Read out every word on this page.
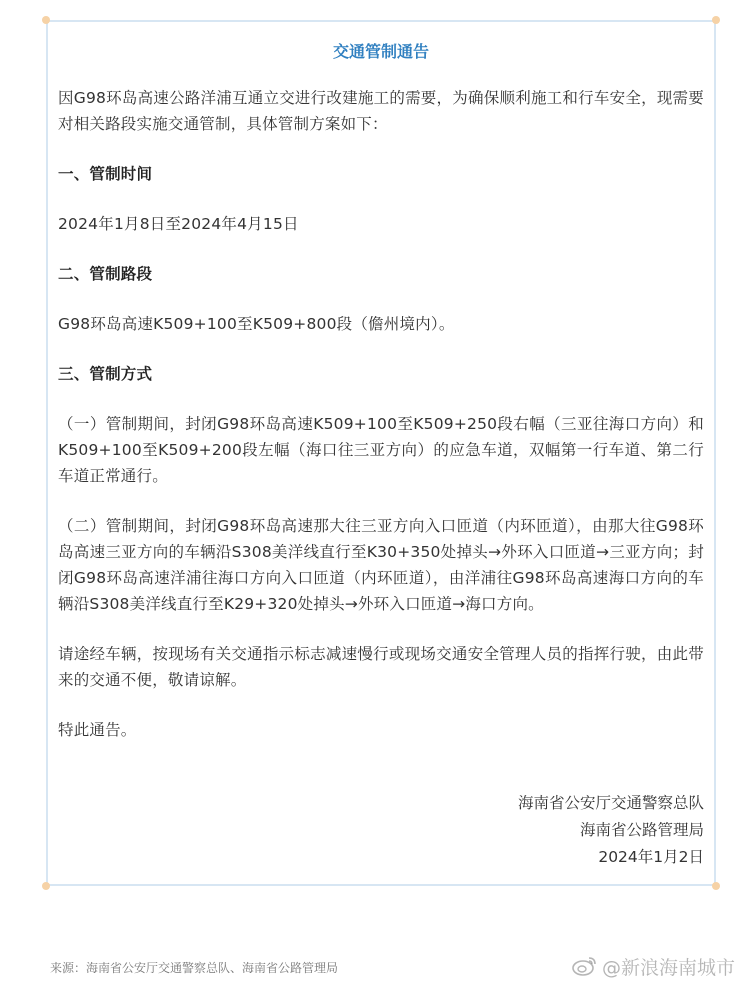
交通管制通告

因G98环岛高速公路洋浦互通立交进行改建施工的需要，为确保顺利施工和行车安全，现需要对相关路段实施交通管制，具体管制方案如下：

一、管制时间

2024年1月8日至2024年4月15日

二、管制路段

G98环岛高速K509+100至K509+800段（儋州境内）。

三、管制方式

（一）管制期间，封闭G98环岛高速K509+100至K509+250段右幅（三亚往海口方向）和K509+100至K509+200段左幅（海口往三亚方向）的应急车道，双幅第一行车道、第二行车道正常通行。

（二）管制期间，封闭G98环岛高速那大往三亚方向入口匝道（内环匝道），由那大往G98环岛高速三亚方向的车辆沿S308美洋线直行至K30+350处掉头→外环入口匝道→三亚方向；封闭G98环岛高速洋浦往海口方向入口匝道（内环匝道），由洋浦往G98环岛高速海口方向的车辆沿S308美洋线直行至K29+320处掉头→外环入口匝道→海口方向。

请途经车辆，按现场有关交通指示标志减速慢行或现场交通安全管理人员的指挥行驶，由此带来的交通不便，敬请谅解。

特此通告。

海南省公安厅交通警察总队
海南省公路管理局
2024年1月2日
来源：海南省公安厅交通警察总队、海南省公路管理局	@新浪海南城市
